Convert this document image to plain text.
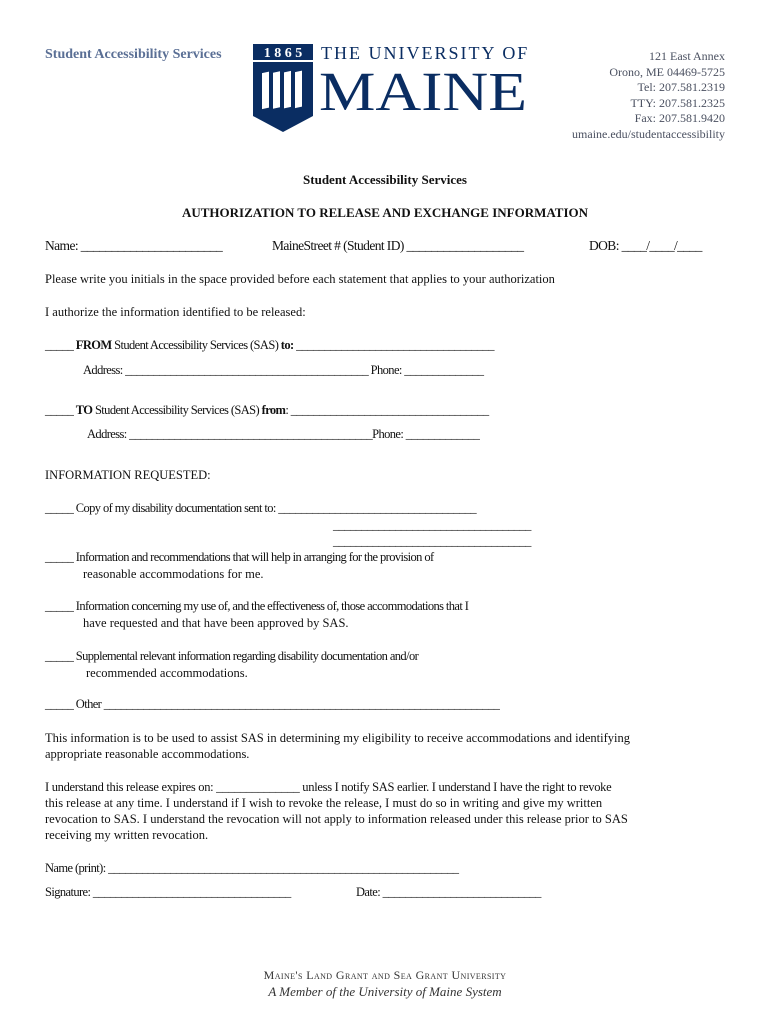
Student Accessibility Services	1 8 6 5 THE UNIVERSITY OF
MAINE
121 East Annex
Orono, ME 04469-5725
Tel: 207.581.2319
TTY: 207.581.2325
Fax: 207.581.9420
umaine.edu/studentaccessibility
Student Accessibility Services
AUTHORIZATION TO RELEASE AND EXCHANGE INFORMATION
Name: _______________________	MaineStreet # (Student ID) ___________________	DOB: ____/____/____
Please write you initials in the space provided before each statement that applies to your authorization
I authorize the information identified to be released:
_____ FROM Student Accessibility Services (SAS) to: ___________________________________
Address: ___________________________________________ Phone: ______________
_____ TO Student Accessibility Services (SAS) from: ___________________________________
Address: ___________________________________________Phone: _____________
INFORMATION REQUESTED:
_____ Copy of my disability documentation sent to: ___________________________________
___________________________________
___________________________________
_____ Information and recommendations that will help in arranging for the provision of
reasonable accommodations for me.
_____ Information concerning my use of, and the effectiveness of, those accommodations that I
have requested and that have been approved by SAS.
_____ Supplemental relevant information regarding disability documentation and/or
recommended accommodations.
_____ Other ______________________________________________________________________
This information is to be used to assist SAS in determining my eligibility to receive accommodations and identifying
appropriate reasonable accommodations.
I understand this release expires on: ______________ unless I notify SAS earlier. I understand I have the right to revoke
this release at any time. I understand if I wish to revoke the release, I must do so in writing and give my written
revocation to SAS. I understand the revocation will not apply to information released under this release prior to SAS
receiving my written revocation.
Name (print): ______________________________________________________________
Signature: ___________________________________	Date: ____________________________
Maine's Land Grant and Sea Grant University
A Member of the University of Maine System
